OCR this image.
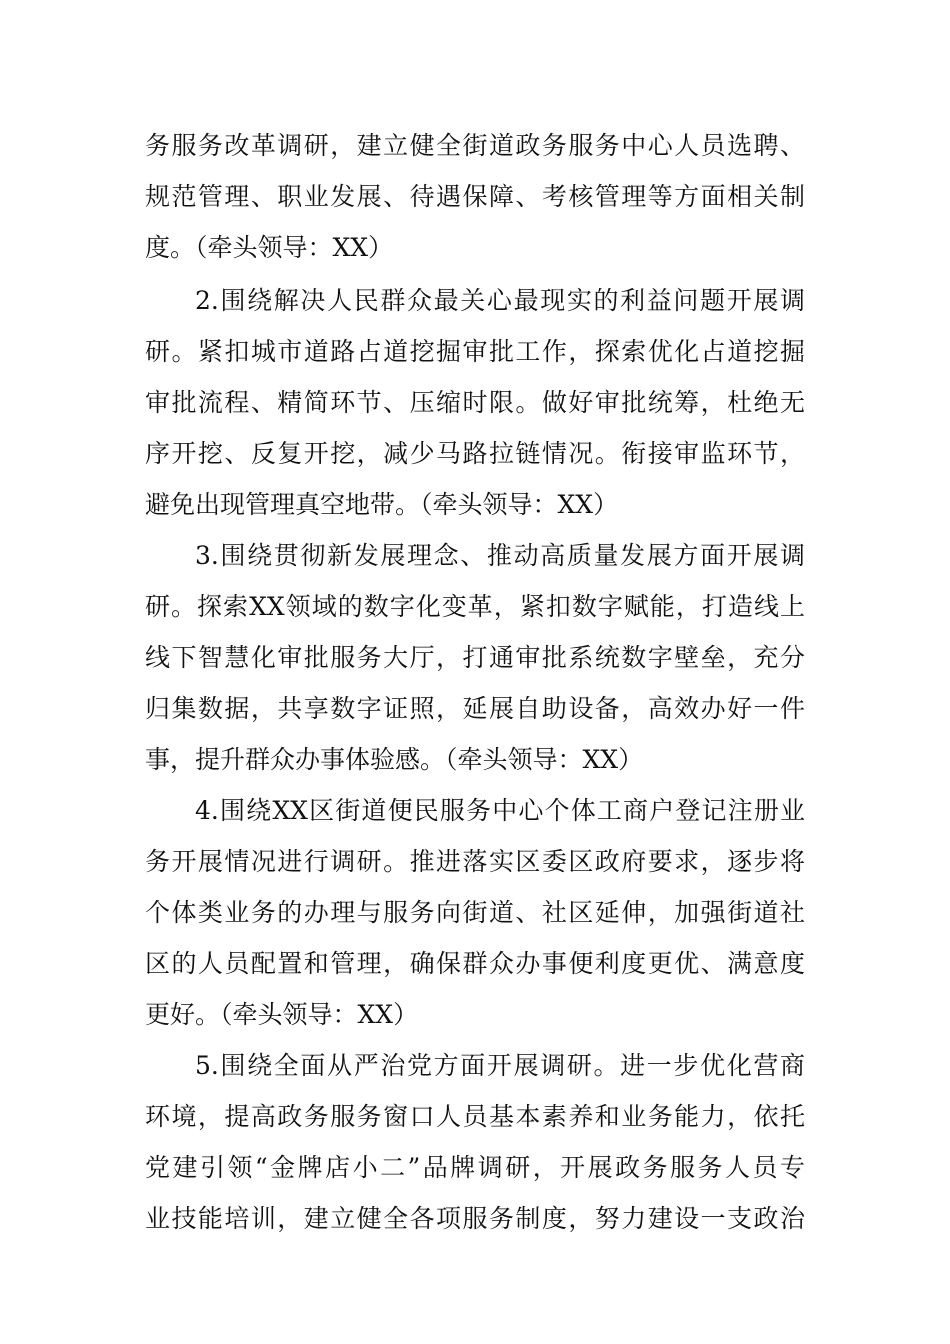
务服务改革调研，建立健全街道政务服务中心人员选聘、
规范管理、职业发展、待遇保障、考核管理等方面相关制
度。（牵头领导：XX）
2.围绕解决人民群众最关心最现实的利益问题开展调
研。紧扣城市道路占道挖掘审批工作，探索优化占道挖掘
审批流程、精简环节、压缩时限。做好审批统筹，杜绝无
序开挖、反复开挖，减少马路拉链情况。衔接审监环节，
避免出现管理真空地带。（牵头领导：XX）
3.围绕贯彻新发展理念、推动高质量发展方面开展调
研。探索XX领域的数字化变革，紧扣数字赋能，打造线上
线下智慧化审批服务大厅，打通审批系统数字壁垒，充分
归集数据，共享数字证照，延展自助设备，高效办好一件
事，提升群众办事体验感。（牵头领导：XX）
4.围绕XX区街道便民服务中心个体工商户登记注册业
务开展情况进行调研。推进落实区委区政府要求，逐步将
个体类业务的办理与服务向街道、社区延伸，加强街道社
区的人员配置和管理，确保群众办事便利度更优、满意度
更好。（牵头领导：XX）
5.围绕全面从严治党方面开展调研。进一步优化营商
环境，提高政务服务窗口人员基本素养和业务能力，依托
党建引领“金牌店小二”品牌调研，开展政务服务人员专
业技能培训，建立健全各项服务制度，努力建设一支政治
